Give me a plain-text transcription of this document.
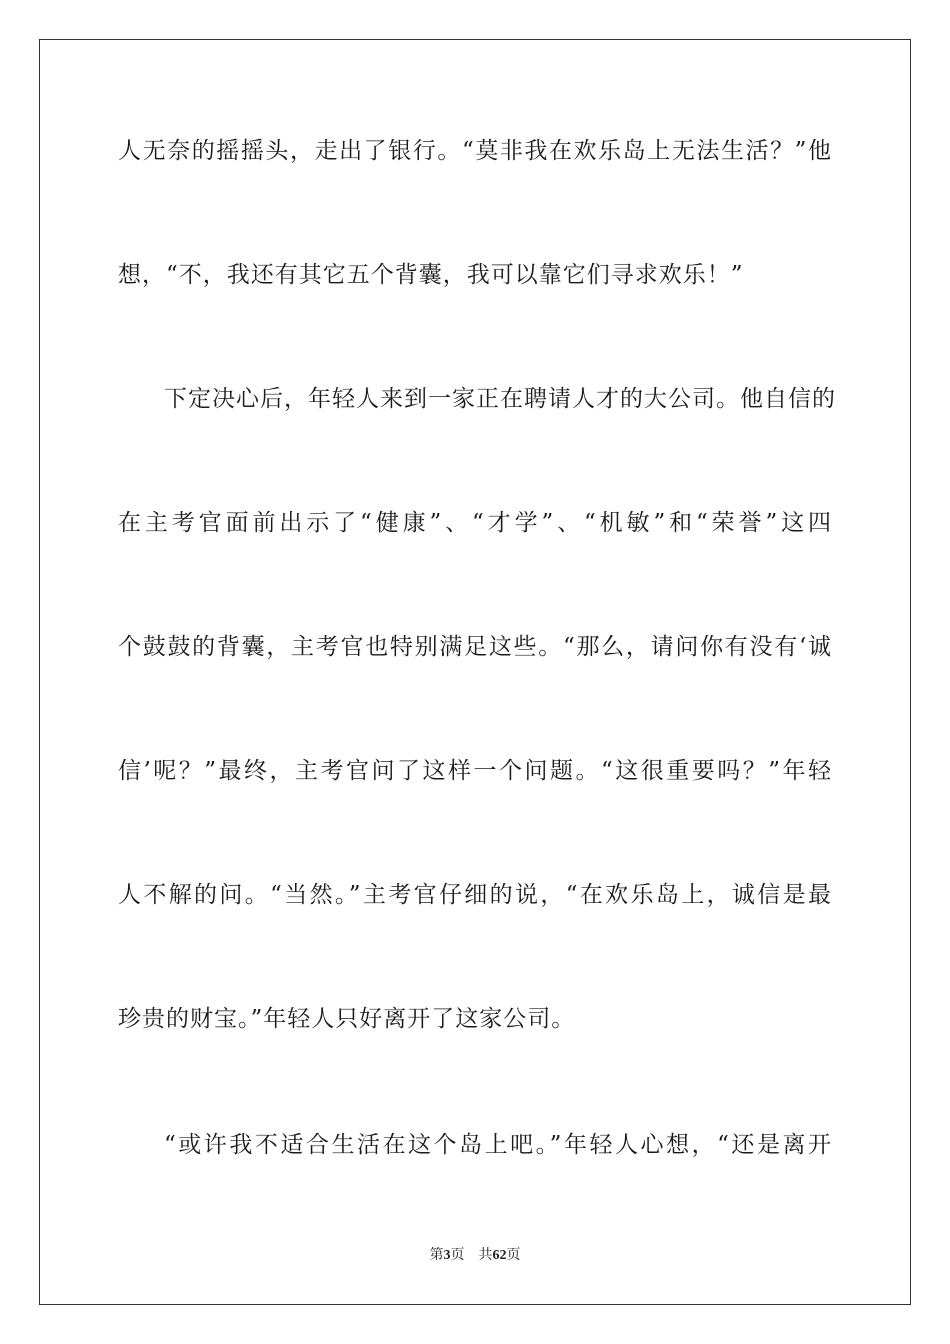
人无奈的摇摇头，走出了银行。“莫非我在欢乐岛上无法生活？”他

想，“不，我还有其它五个背囊，我可以靠它们寻求欢乐！”

下定决心后，年轻人来到一家正在聘请人才的大公司。他自信的

在主考官面前出示了“健康”、“才学”、“机敏”和“荣誉”这四

个鼓鼓的背囊，主考官也特别满足这些。“那么，请问你有没有‘诚

信’呢？”最终，主考官问了这样一个问题。“这很重要吗？”年轻

人不解的问。“当然。”主考官仔细的说，“在欢乐岛上，诚信是最

珍贵的财宝。”年轻人只好离开了这家公司。

“或许我不适合生活在这个岛上吧。”年轻人心想，“还是离开

第3页 共62页
